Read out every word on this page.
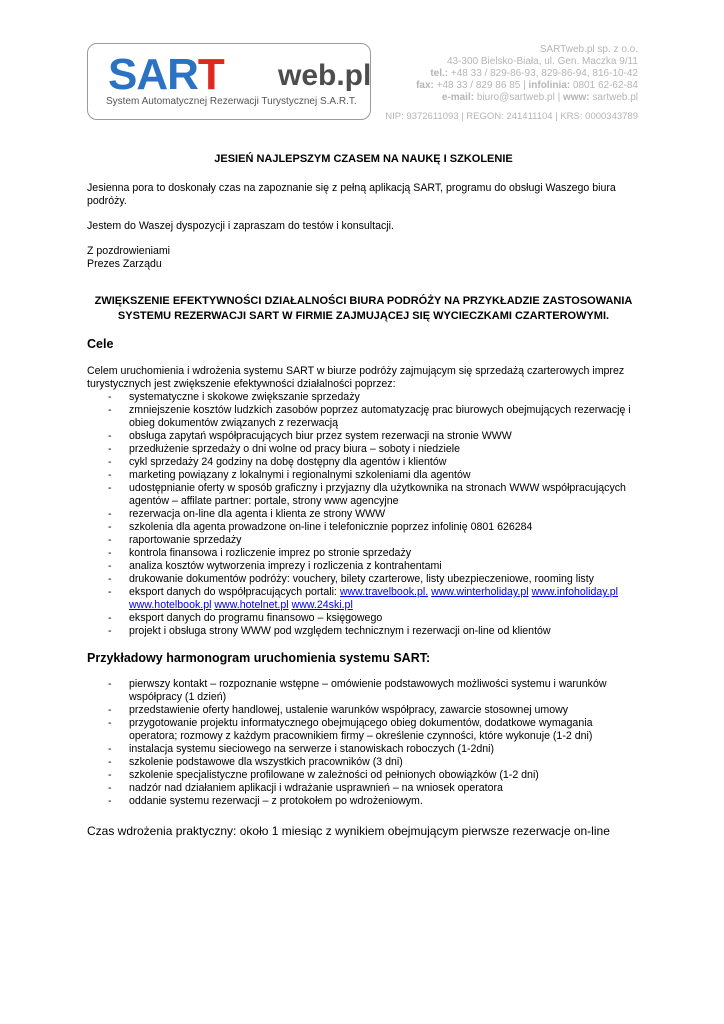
SART web.pl
System Automatycznej Rezerwacji Turystycznej S.A.R.T.
SARTweb.pl sp. z o.o.
43-300 Bielsko-Biała, ul. Gen. Maczka 9/11
tel.: +48 33 / 829-86-93, 829-86-94, 816-10-42
fax: +48 33 / 829 86 85 | infolinia: 0801 62-62-84
e-mail: biuro@sartweb.pl | www: sartweb.pl
NIP: 9372611093 | REGON: 241411104 | KRS: 0000343789

JESIEŃ NAJLEPSZYM CZASEM NA NAUKĘ I SZKOLENIE

Jesienna pora to doskonały czas na zapoznanie się z pełną aplikacją SART, programu do obsługi Waszego biura podróży.

Jestem do Waszej dyspozycji i zapraszam do testów i konsultacji.

Z pozdrowieniami

Prezes Zarządu

ZWIĘKSZENIE EFEKTYWNOŚCI DZIAŁALNOŚCI BIURA PODRÓŻY NA PRZYKŁADZIE ZASTOSOWANIA SYSTEMU REZERWACJI SART W FIRMIE ZAJMUJĄCEJ SIĘ WYCIECZKAMI CZARTEROWYMI.

Cele

Celem uruchomienia i wdrożenia systemu SART w biurze podróży zajmującym się sprzedażą czarterowych imprez turystycznych jest zwiększenie efektywności działalności poprzez:

- systematyczne i skokowe zwiększanie sprzedaży
- zmniejszenie kosztów ludzkich zasobów poprzez automatyzację prac biurowych obejmujących rezerwację i obieg dokumentów związanych z rezerwacją
- obsługa zapytań współpracujących biur przez system rezerwacji na stronie WWW
- przedłużenie sprzedaży o dni wolne od pracy biura – soboty i niedziele
- cykl sprzedaży 24 godziny na dobę dostępny dla agentów i klientów
- marketing powiązany z lokalnymi i regionalnymi szkoleniami dla agentów
- udostępnianie oferty w sposób graficzny i przyjazny dla użytkownika na stronach WWW współpracujących agentów – affilate partner: portale, strony www agencyjne
- rezerwacja on-line dla agenta i klienta ze strony WWW
- szkolenia dla agenta prowadzone on-line i telefonicznie poprzez infolinię 0801 626284
- raportowanie sprzedaży
- kontrola finansowa i rozliczenie imprez po stronie sprzedaży
- analiza kosztów wytworzenia imprezy i rozliczenia z kontrahentami
- drukowanie dokumentów podróży: vouchery, bilety czarterowe, listy ubezpieczeniowe, rooming listy
- eksport danych do współpracujących portali: www.travelbook.pl. www.winterholiday.pl www.infoholiday.pl www.hotelbook.pl www.hotelnet.pl www.24ski.pl
- eksport danych do programu finansowo – księgowego
- projekt i obsługa strony WWW pod względem technicznym i rezerwacji on-line od klientów

Przykładowy harmonogram uruchomienia systemu SART:

- pierwszy kontakt – rozpoznanie wstępne – omówienie podstawowych możliwości systemu i warunków współpracy (1 dzień)
- przedstawienie oferty handlowej, ustalenie warunków współpracy, zawarcie stosownej umowy
- przygotowanie projektu informatycznego obejmującego obieg dokumentów, dodatkowe wymagania operatora; rozmowy z każdym pracownikiem firmy – określenie czynności, które wykonuje (1-2 dni)
- instalacja systemu sieciowego na serwerze i stanowiskach roboczych (1-2dni)
- szkolenie podstawowe dla wszystkich pracowników (3 dni)
- szkolenie specjalistyczne profilowane w zależności od pełnionych obowiązków (1-2 dni)
- nadzór nad działaniem aplikacji i wdrażanie usprawnień – na wniosek operatora
- oddanie systemu rezerwacji – z protokołem po wdrożeniowym.

Czas wdrożenia praktyczny: około 1 miesiąc z wynikiem obejmującym pierwsze rezerwacje on-line
